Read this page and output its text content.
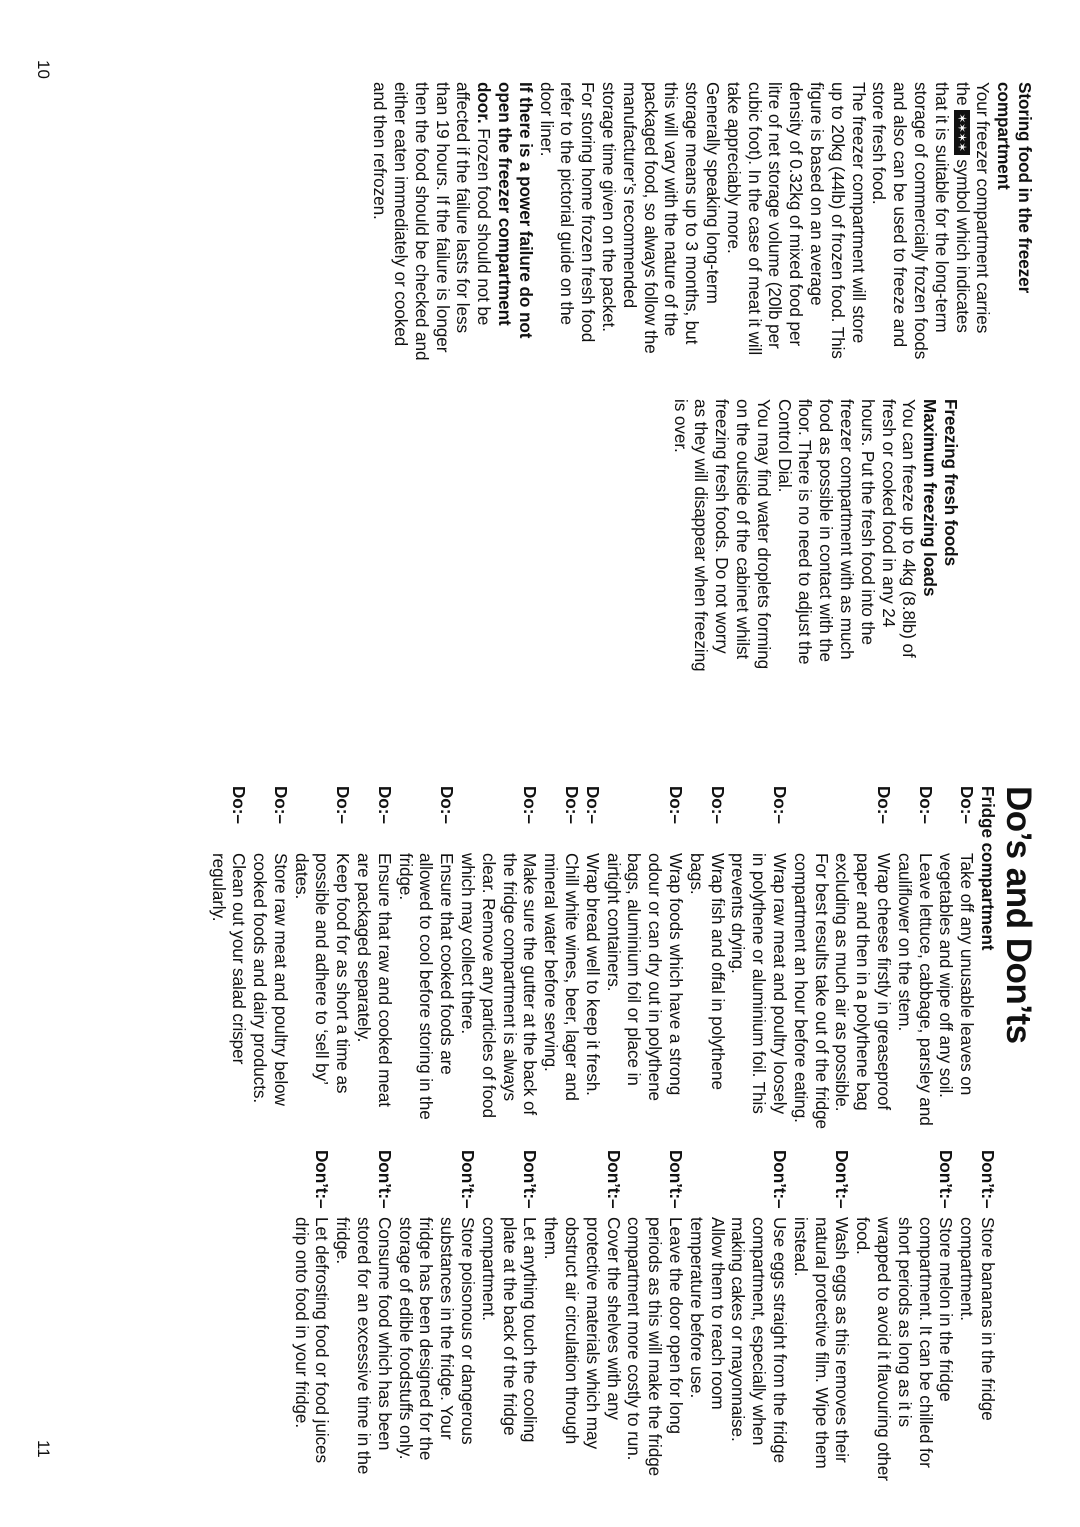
Storing food in the freezer compartment

Your freezer compartment carries the ✶✶✶✶ symbol which indicates that it is suitable for the long-term storage of commercially frozen foods and also can be used to freeze and store fresh food.

The freezer compartment will store up to 20kg (44lb) of frozen food. This figure is based on an average density of 0.32kg of mixed food per litre of net storage volume (20lb per cubic foot). In the case of meat it will take appreciably more.

Generally speaking long-term storage means up to 3 months, but this will vary with the nature of the packaged food, so always follow the manufacturer’s recommended storage time given on the packet. For storing home frozen fresh food refer to the pictorial guide on the door liner.

If there is a power failure do not open the freezer compartment door. Frozen food should not be affected if the failure lasts for less than 19 hours. If the failure is longer then the food should be checked and either eaten immediately or cooked and then refrozen.

Freezing fresh foods

Maximum freezing loads

You can freeze up to 4kg (8.8lb) of fresh or cooked food in any 24 hours. Put the fresh food into the freezer compartment with as much food as possible in contact with the floor. There is no need to adjust the Control Dial.

You may find water droplets forming on the outside of the cabinet whilst freezing fresh foods. Do not worry as they will disappear when freezing is over.

Do’s and Don’ts

Fridge compartment

Do:–
Take off any unusable leaves on vegetables and wipe off any soil.

Do:–
Leave lettuce, cabbage, parsley and cauliflower on the stem.

Do:–
Wrap cheese firstly in greaseproof paper and then in a polythene bag excluding as much air as possible. For best results take out of the fridge compartment an hour before eating.

Do:–
Wrap raw meat and poultry loosely in polythene or aluminium foil. This prevents drying.

Do:–
Wrap fish and offal in polythene bags.

Do:–
Wrap foods which have a strong odour or can dry out in polythene bags, aluminium foil or place in airtight containers.

Do:–
Wrap bread well to keep it fresh.

Do:–
Chill white wines, beer, lager and mineral water before serving.

Do:–
Make sure the gutter at the back of the fridge compartment is always clear. Remove any particles of food which may collect there.

Do:–
Ensure that cooked foods are allowed to cool before storing in the fridge.

Do:–
Ensure that raw and cooked meat are packaged separately.

Do:–
Keep food for as short a time as possible and adhere to ‘sell by’ dates.

Do:–
Store raw meat and poultry below cooked foods and dairy products.

Do:–
Clean out your salad crisper regularly.

Don’t:–
Store bananas in the fridge compartment.

Don’t:–
Store melon in the fridge compartment. It can be chilled for short periods as long as it is wrapped to avoid it flavouring other food.

Don’t:–
Wash eggs as this removes their natural protective film. Wipe them instead.

Don’t:–
Use eggs straight from the fridge compartment, especially when making cakes or mayonnaise. Allow them to reach room temperature before use.

Don’t:–
Leave the door open for long periods as this will make the fridge compartment more costly to run.

Don’t:–
Cover the shelves with any protective materials which may obstruct air circulation through them.

Don’t:–
Let anything touch the cooling plate at the back of the fridge compartment.

Don’t:–
Store poisonous or dangerous substances in the fridge. Your fridge has been designed for the storage of edible foodstuffs only.

Don’t:–
Consume food which has been stored for an excessive time in the fridge.

Don’t:–
Let defrosting food or food juices drip onto food in your fridge.

10
11
